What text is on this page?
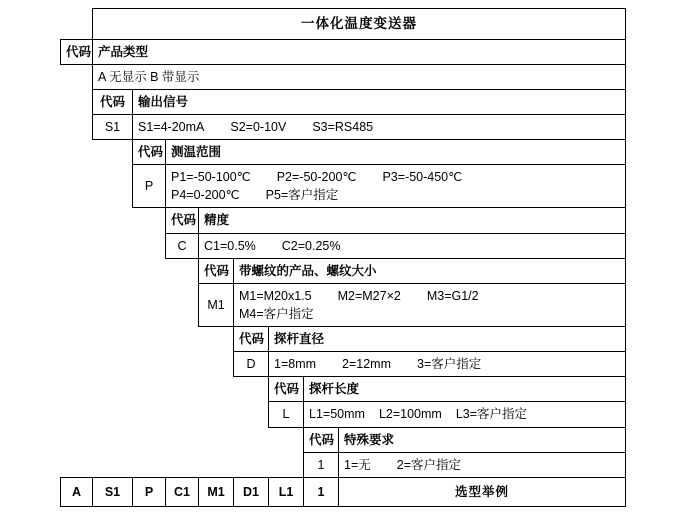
	一体化温度变送器							
代码	产品类型							
	A 无显示 B 带显示							
	代码	输出信号						
	S1	S1=4-20mA S2=0-10V S3=RS485						
		代码	测温范围					
		P	P1=-50-100℃ P2=-50-200℃ P3=-50-450℃
P4=0-200℃ P5=客户指定					

			代码	精度				
			C	C1=0.5% C2=0.25%				
				代码	带螺纹的产品、螺纹大小			
				M1	M1=M20x1.5 M2=M27×2 M3=G1/2
M4=客户指定			

					代码	探杆直径		
					D	1=8mm 2=12mm 3=客户指定		
						代码	探杆长度	
						L	L1=50mm L2=100mm L3=客户指定	
							代码	特殊要求
							1	1=无 2=客户指定
A	S1	P	C1	M1	D1	L1	1	选型举例
